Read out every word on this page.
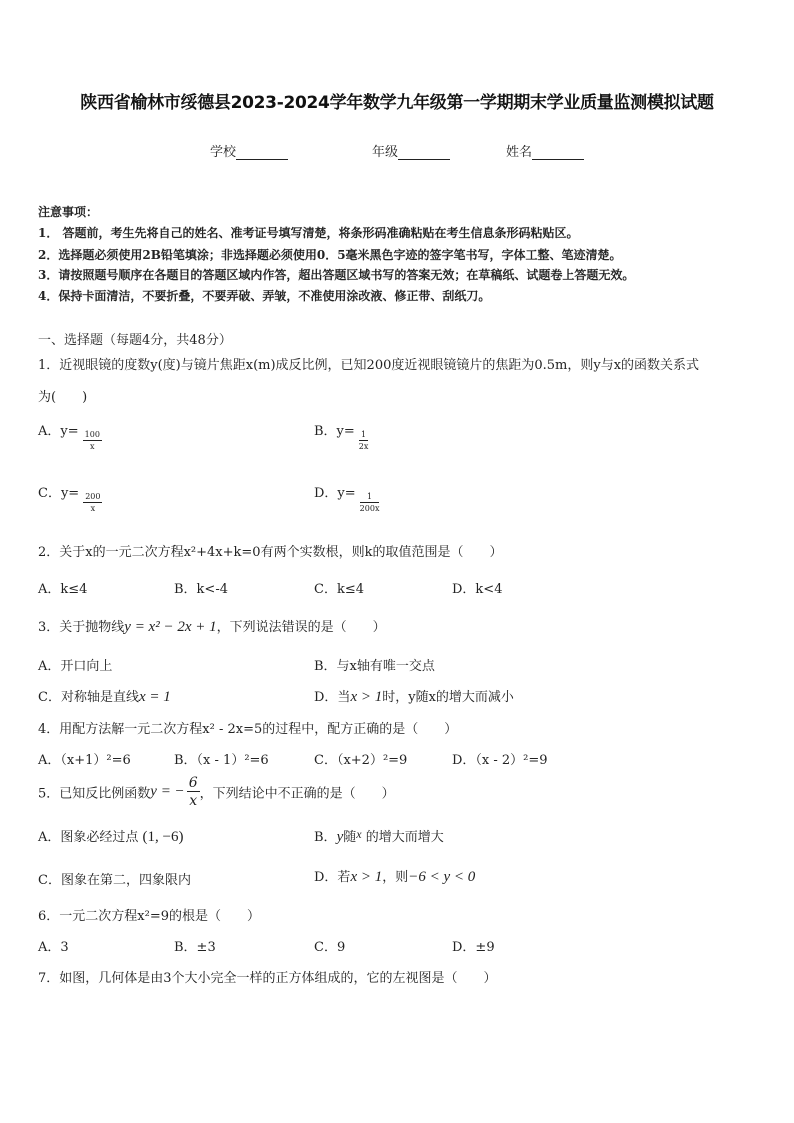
陕西省榆林市绥德县2023-2024学年数学九年级第一学期期末学业质量监测模拟试题
学校	年级	姓名
注意事项：
1． 答题前，考生先将自己的姓名、准考证号填写清楚，将条形码准确粘贴在考生信息条形码粘贴区。
2．选择题必须使用2B铅笔填涂；非选择题必须使用0．5毫米黑色字迹的签字笔书写，字体工整、笔迹清楚。
3．请按照题号顺序在各题目的答题区域内作答，超出答题区域书写的答案无效；在草稿纸、试题卷上答题无效。
4．保持卡面清洁，不要折叠，不要弄破、弄皱，不准使用涂改液、修正带、刮纸刀。
一、选择题（每题4分，共48分）
1．近视眼镜的度数y(度)与镜片焦距x(m)成反比例，已知200度近视眼镜镜片的焦距为0.5m，则y与x的函数关系式
为(　　)
A．$y= \frac{100}{x}$	B．$y= \frac{1}{2x}$
C．$y= \frac{200}{x}$	D．$y= \frac{1}{200x}$
2．关于x的一元二次方程x²+4x+k=0有两个实数根，则k的取值范围是（　　）
A．k≤4	B．k<-4	C．k≤4	D．k<4
3．关于抛物线y = x² − 2x + 1，下列说法错误的是（　　）
A．开口向上	B．与x轴有唯一交点
C．对称轴是直线x = 1	D．当x > 1时，y随x的增大而减小
4．用配方法解一元二次方程x² - 2x=5的过程中，配方正确的是（　　）
A．（x+1）²=6	B．（x - 1）²=6	C．（x+2）²=9	D．（x - 2）²=9
5．已知反比例函数y = − $\frac{6}{x}$ ，下列结论中不正确的是（　　）
A．图象必经过点 (1, −6)	B．y随x 的增大而增大
C．图象在第二，四象限内	D．若x > 1，则−6 < y < 0
6．一元二次方程x²=9的根是（　　）
A．3	B．±3	C．9	D．±9
7．如图，几何体是由3个大小完全一样的正方体组成的，它的左视图是（　　）
